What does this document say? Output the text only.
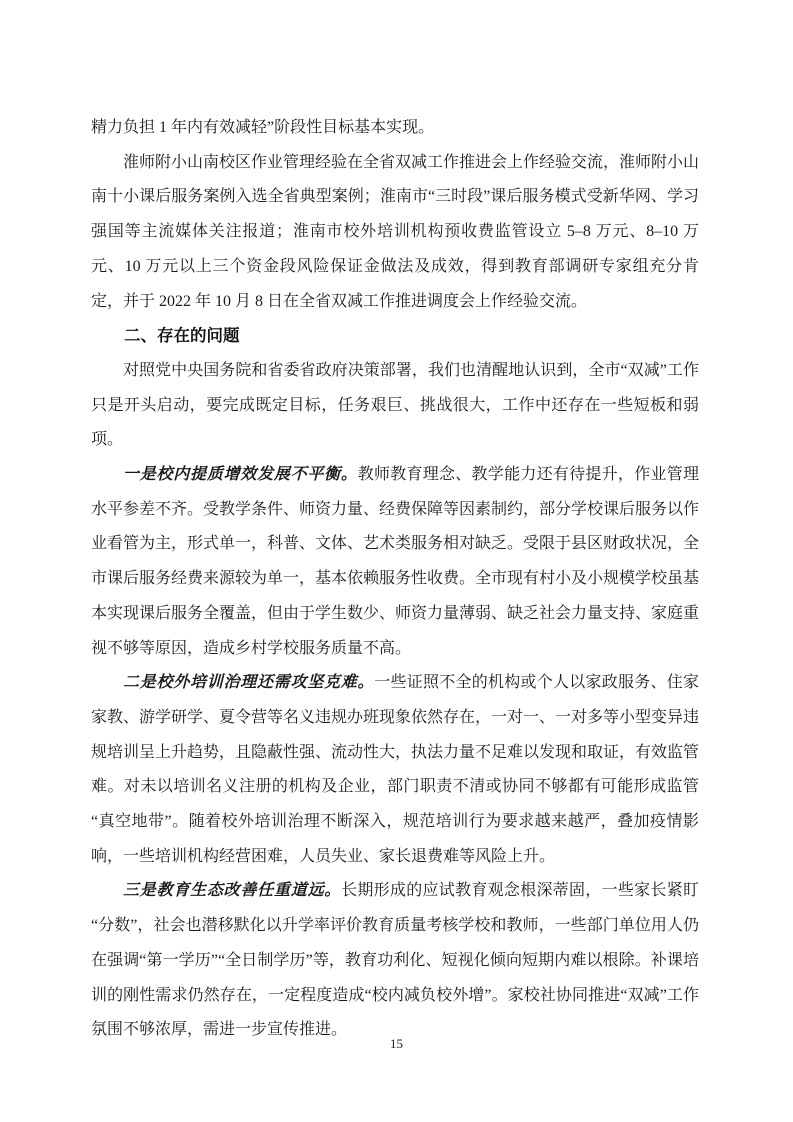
精力负担 1 年内有效减轻”阶段性目标基本实现。

淮师附小山南校区作业管理经验在全省双减工作推进会上作经验交流，淮师附小山南十小课后服务案例入选全省典型案例；淮南市“三时段”课后服务模式受新华网、学习强国等主流媒体关注报道；淮南市校外培训机构预收费监管设立 5–8 万元、8–10 万元、10 万元以上三个资金段风险保证金做法及成效，得到教育部调研专家组充分肯定，并于 2022 年 10 月 8 日在全省双减工作推进调度会上作经验交流。

二、存在的问题

对照党中央国务院和省委省政府决策部署，我们也清醒地认识到，全市“双减”工作只是开头启动，要完成既定目标，任务艰巨、挑战很大，工作中还存在一些短板和弱项。

一是校内提质增效发展不平衡。教师教育理念、教学能力还有待提升，作业管理水平参差不齐。受教学条件、师资力量、经费保障等因素制约，部分学校课后服务以作业看管为主，形式单一，科普、文体、艺术类服务相对缺乏。受限于县区财政状况，全市课后服务经费来源较为单一，基本依赖服务性收费。全市现有村小及小规模学校虽基本实现课后服务全覆盖，但由于学生数少、师资力量薄弱、缺乏社会力量支持、家庭重视不够等原因，造成乡村学校服务质量不高。

二是校外培训治理还需攻坚克难。一些证照不全的机构或个人以家政服务、住家家教、游学研学、夏令营等名义违规办班现象依然存在，一对一、一对多等小型变异违规培训呈上升趋势，且隐蔽性强、流动性大，执法力量不足难以发现和取证，有效监管难。对未以培训名义注册的机构及企业，部门职责不清或协同不够都有可能形成监管“真空地带”。随着校外培训治理不断深入，规范培训行为要求越来越严，叠加疫情影响，一些培训机构经营困难，人员失业、家长退费难等风险上升。

三是教育生态改善任重道远。长期形成的应试教育观念根深蒂固，一些家长紧盯“分数”，社会也潜移默化以升学率评价教育质量考核学校和教师，一些部门单位用人仍在强调“第一学历”“全日制学历”等，教育功利化、短视化倾向短期内难以根除。补课培训的刚性需求仍然存在，一定程度造成“校内减负校外增”。家校社协同推进“双减”工作氛围不够浓厚，需进一步宣传推进。

15
